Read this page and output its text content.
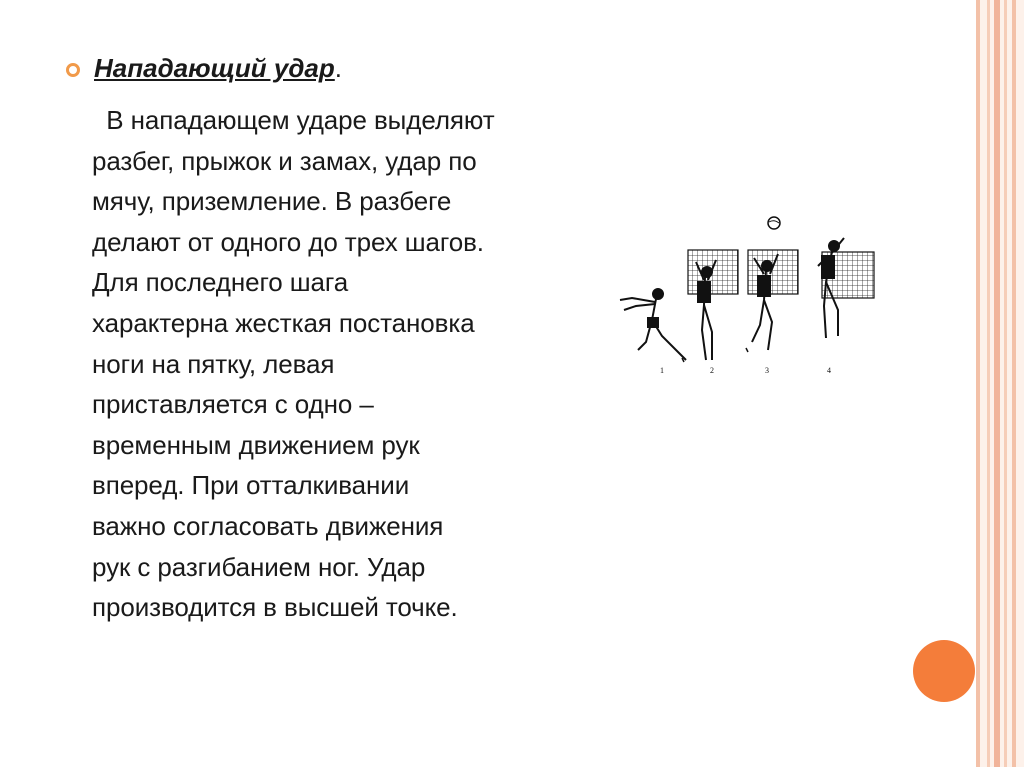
Нападающий удар .
В нападающем ударе выделяют
разбег, прыжок и замах, удар по
мячу, приземление. В разбеге
делают от одного до трех шагов.
Для последнего шага
характерна жесткая постановка
ноги на пятку, левая
приставляется с одно –
временным движением рук
вперед. При отталкивании
важно согласовать движения
рук с разгибанием ног. Удар
производится в высшей точке.
1	2	3	4
